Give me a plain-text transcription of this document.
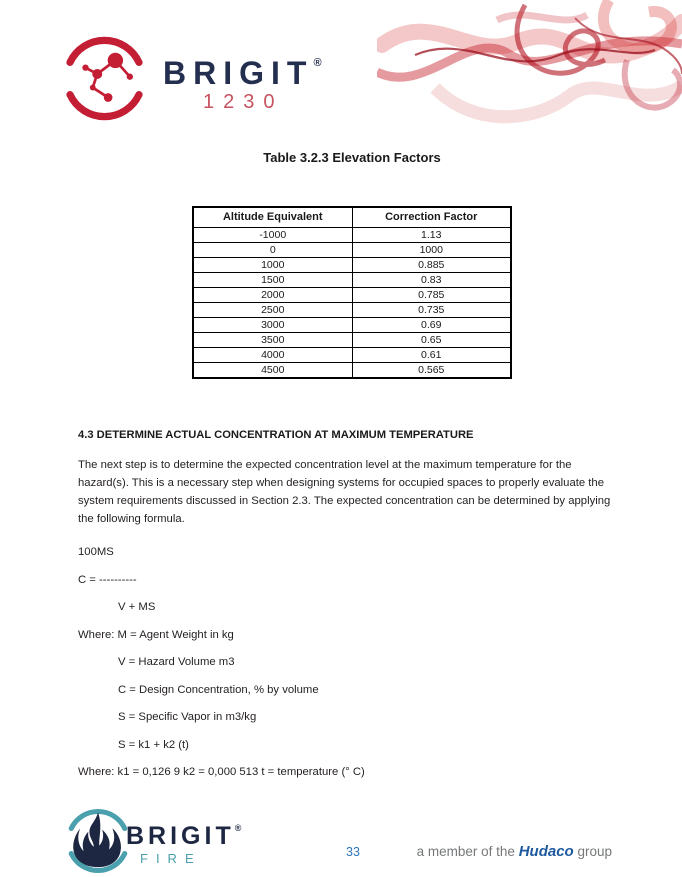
BRIGIT®
1230
Table 3.2.3 Elevation Factors
Altitude Equivalent	Correction Factor
-1000	1.13
0	1000
1000	0.885
1500	0.83
2000	0.785
2500	0.735
3000	0.69
3500	0.65
4000	0.61
4500	0.565
4.3 DETERMINE ACTUAL CONCENTRATION AT MAXIMUM TEMPERATURE

The next step is to determine the expected concentration level at the maximum temperature for the hazard(s). This is a necessary step when designing systems for occupied spaces to properly evaluate the system requirements discussed in Section 2.3. The expected concentration can be determined by applying the following formula.

100MS

C = ----------

V + MS

Where: M = Agent Weight in kg

V = Hazard Volume m3

C = Design Concentration, % by volume

S = Specific Vapor in m3/kg

S = k1 + k2 (t)

Where: k1 = 0,126 9 k2 = 0,000 513 t = temperature (° C)

BRIGIT®
FIRE	33	a member of the Hudaco group
